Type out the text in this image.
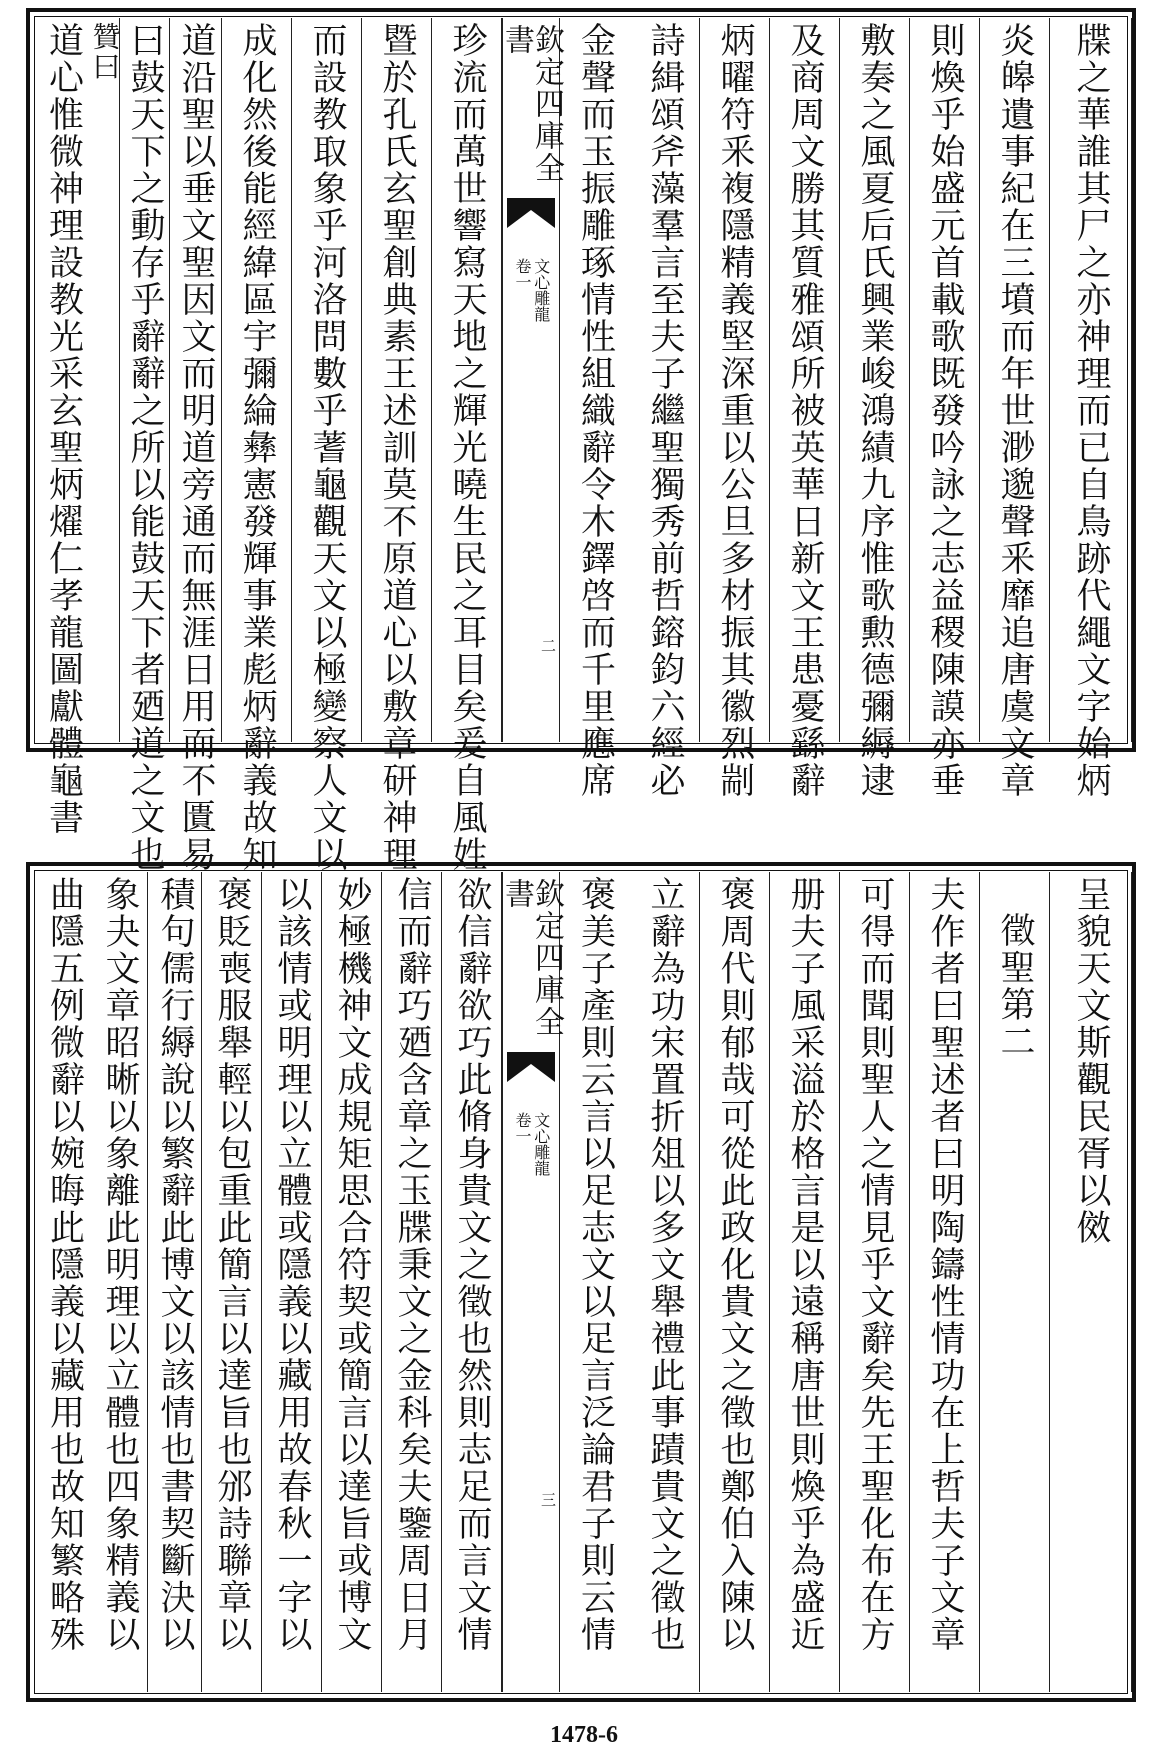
牒之華誰其尸之亦神理而已自鳥跡代繩文字始炳
炎皞遺事紀在三墳而年世渺邈聲釆靡追唐虞文章
則煥乎始盛元首載歌既發吟詠之志益稷陳謨亦垂
敷奏之風夏后氏興業峻鴻績九序惟歌勲德彌縟逮
及商周文勝其質雅頌所被英華日新文王患憂繇辭
炳曜符釆複隱精義堅深重以公旦多材振其徽烈剬
詩緝頌斧藻羣言至夫子繼聖獨秀前哲鎔鈞六經必
金聲而玉振雕琢情性組織辭令木鐸啓而千里應席
欽定四庫全書
卷一 文心雕龍
二
珍流而萬世響寫天地之輝光曉生民之耳目矣爰自風姓
暨於孔氏玄聖創典素王述訓莫不原道心以敷章研神理
而設教取象乎河洛問數乎蓍龜觀天文以極變察人文以
成化然後能經緯區宇彌綸彝憲發輝事業彪炳辭義故知
道沿聖以垂文聖因文而明道旁通而無涯日用而不匱易
曰鼓天下之動存乎辭辭之所以能鼓天下者廼道之文也
贊曰
道心惟微神理設教光采玄聖炳燿仁孝龍圖獻體龜書
呈貌天文斯觀民胥以傚
徵聖第二
夫作者曰聖述者曰明陶鑄性情功在上哲夫子文章
可得而聞則聖人之情見乎文辭矣先王聖化布在方
册夫子風采溢於格言是以遠稱唐世則煥乎為盛近
褒周代則郁哉可從此政化貴文之徵也鄭伯入陳以
立辭為功宋置折俎以多文舉禮此事蹟貴文之徵也
褒美子產則云言以足志文以足言泛論君子則云情
欽定四庫全書
卷一 文心雕龍
三
欲信辭欲巧此脩身貴文之徵也然則志足而言文情
信而辭巧廼含章之玉牒秉文之金科矣夫鑒周日月
妙極機神文成規矩思合符契或簡言以達旨或博文
以該情或明理以立體或隱義以藏用故春秋一字以
褒貶喪服舉輕以包重此簡言以達旨也邠詩聯章以
積句儒行縟說以繁辭此博文以該情也書契斷決以
象夬文章昭晰以象離此明理以立體也四象精義以
曲隱五例微辭以婉晦此隱義以藏用也故知繁略殊
1478-6
